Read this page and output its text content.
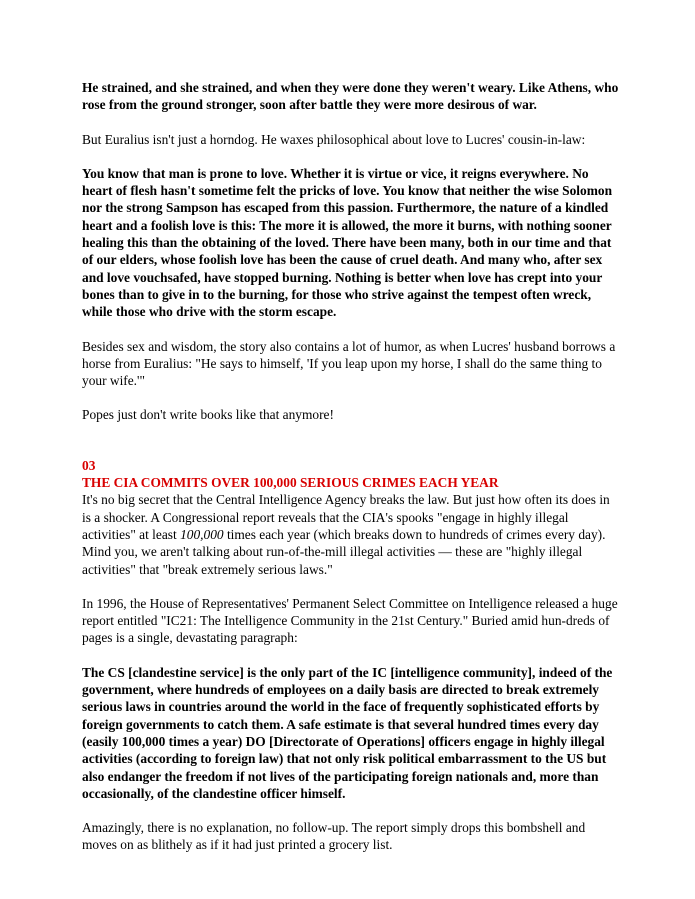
He strained, and she strained, and when they were done they weren't weary. Like Athens, who rose from the ground stronger, soon after battle they were more desirous of war.

But Euralius isn't just a horndog. He waxes philosophical about love to Lucres' cousin-in-law:

You know that man is prone to love. Whether it is virtue or vice, it reigns everywhere. No heart of flesh hasn't sometime felt the pricks of love. You know that neither the wise Solomon nor the strong Sampson has escaped from this passion. Furthermore, the nature of a kindled heart and a foolish love is this: The more it is allowed, the more it burns, with nothing sooner healing this than the obtaining of the loved. There have been many, both in our time and that of our elders, whose foolish love has been the cause of cruel death. And many who, after sex and love vouchsafed, have stopped burning. Nothing is better when love has crept into your bones than to give in to the burning, for those who strive against the tempest often wreck, while those who drive with the storm escape.

Besides sex and wisdom, the story also contains a lot of humor, as when Lucres' husband borrows a horse from Euralius: "He says to himself, 'If you leap upon my horse, I shall do the same thing to your wife.'"

Popes just don't write books like that anymore!

03

THE CIA COMMITS OVER 100,000 SERIOUS CRIMES EACH YEAR

It's no big secret that the Central Intelligence Agency breaks the law. But just how often its does in is a shocker. A Congressional report reveals that the CIA's spooks "engage in highly illegal activities" at least 100,000 times each year (which breaks down to hundreds of crimes every day). Mind you, we aren't talking about run-of-the-mill illegal activities — these are "highly illegal activities" that "break extremely serious laws."

In 1996, the House of Representatives' Permanent Select Committee on Intelligence released a huge report entitled "IC21: The Intelligence Community in the 21st Century." Buried amid hun-dreds of pages is a single, devastating paragraph:

The CS [clandestine service] is the only part of the IC [intelligence community], indeed of the government, where hundreds of employees on a daily basis are directed to break extremely serious laws in countries around the world in the face of frequently sophisticated efforts by foreign governments to catch them. A safe estimate is that several hundred times every day (easily 100,000 times a year) DO [Directorate of Operations] officers engage in highly illegal activities (according to foreign law) that not only risk political embarrassment to the US but also endanger the freedom if not lives of the participating foreign nationals and, more than occasionally, of the clandestine officer himself.

Amazingly, there is no explanation, no follow-up. The report simply drops this bombshell and moves on as blithely as if it had just printed a grocery list.
